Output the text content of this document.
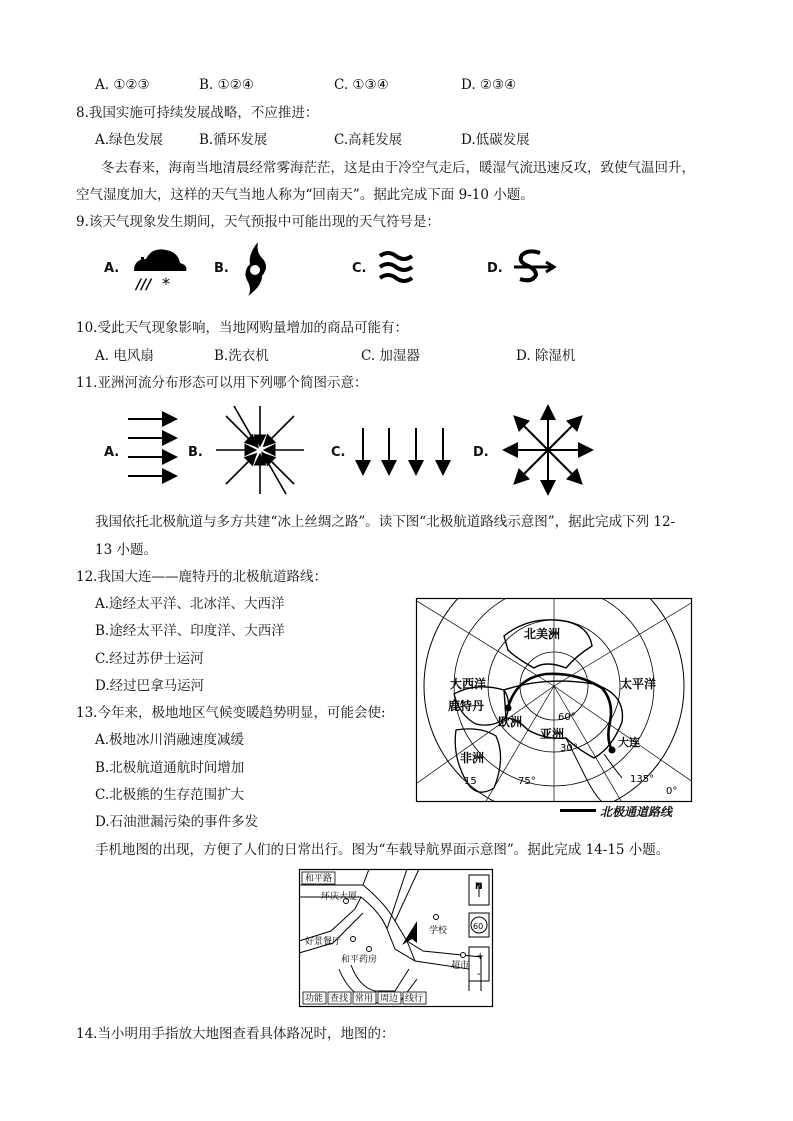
A. ①②③	B. ①②④	C. ①③④	D. ②③④
8.我国实施可持续发展战略，不应推进：
A.绿色发展	B.循环发展	C.高耗发展	D.低碳发展
冬去春来，海南当地清晨经常雾海茫茫，这是由于冷空气走后，暖湿气流迅速反攻，致使气温回升，
空气湿度加大，这样的天气当地人称为“回南天”。据此完成下面 9-10 小题。
9.该天气现象发生期间，天气预报中可能出现的天气符号是：
A.
/// *
B.	C.	D.
10.受此天气现象影响，当地网购量增加的商品可能有：
A. 电风扇	B.洗衣机	C. 加湿器	D. 除湿机
11.亚洲河流分布形态可以用下列哪个简图示意：
A.	B.	C.	D.
我国依托北极航道与多方共建“冰上丝绸之路”。读下图“北极航道路线示意图”，据此完成下列 12-
13 小题。
12.我国大连——鹿特丹的北极航道路线：
A.途经太平洋、北冰洋、大西洋
B.途经太平洋、印度洋、大西洋
C.经过苏伊士运河
D.经过巴拿马运河
13.今年来，极地地区气候变暖趋势明显，可能会使:
A.极地冰川消融速度减缓
B.北极航道通航时间增加
C.北极熊的生存范围扩大
D.石油泄漏污染的事件多发
北美洲
大西洋	太平洋
鹿特丹
欧洲
亚洲
非洲
大连
60°
30°
15	75°	135°
0°
北极通道路线
手机地图的出现，方便了人们的日常出行。图为“车载导航界面示意图”。据此完成 14-15 小题。
和平路
环庆大厦
学校
好景餐厅
和平药房
超市
N
60
+
-
功能 查找 常用 周边 线行
14.当小明用手指放大地图查看具体路况时，地图的：
